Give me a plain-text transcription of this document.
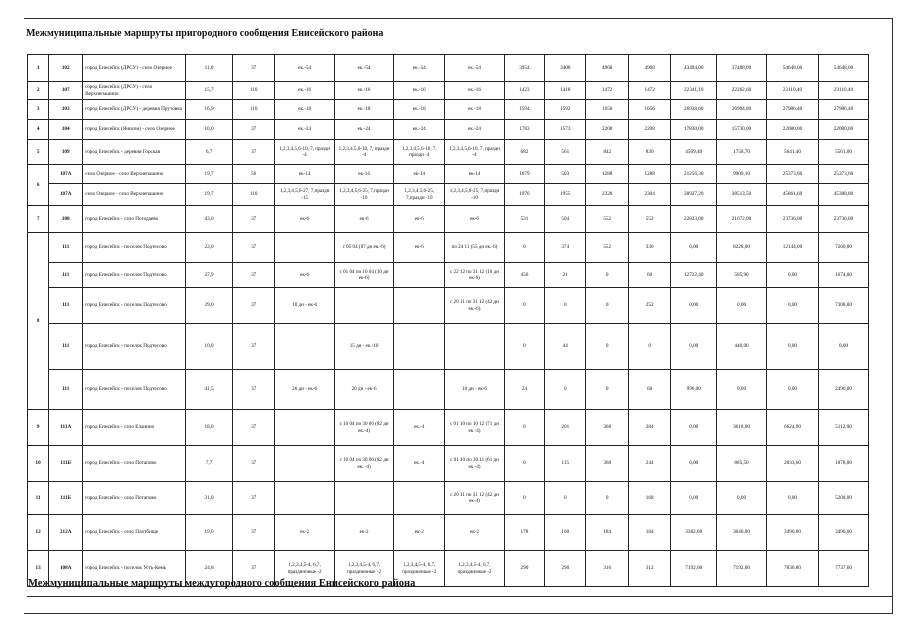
Межмуниципальные маршруты пригородного сообщения Енисейского района
1	102	город Енисейск (ДРСУ) - село Озерное	11,0	37	ек.-54	ек.-54	ек.-54	ек.-54	3954	3408	4968	4968	43494,00	37488,00	54648,00	54648,00
2	107	город Енисейск (ДРСУ) - село Верхнепашино	15,7	110	ек.-16	ек.-16	ек.-16	ек.-16	1423	1418	1472	1472	22341,10	22262,60	23110,40	23110,40
3	103	город Енисейск (ДРСУ) - деревня Прутовка	16,9	110	ек.-18	ек.-18	ек.-18	ек.-18	1594	1592	1656	1656	26938,60	26904,80	27986,40	27986,40
4	104	город Енисейск (Янисеи) - село Озерное	10,0	37	ек.-24	ек.-24	ек.-24	ек.-24	1783	1573	2208	2208	17830,00	15730,00	22080,00	22080,00
5	109	город Енисейск - деревня Горская	6,7	37	1,2,3,4,5,6-10, 7, праздн -4	1,2,3,4,5,6-10, 7, праздн -4	1,2,3,4,5,6-10, 7, праздн -4	1,2,3,4,5,6-10, 7, праздн -4	682	561	842	830	4569,40	1758,70	5641,40	5561,00
6	107А	село Озерное - село Верхнепашино	19,7	56	ек-14	ек-14	ек-14	ек-14	1079	503	1288	1288	21256,30	9909,10	25373,60	25373,60
	107А	село Озерное - село Верхнепашино	19,7	110	1,2,3,4,5,6-27, 7,праздн -15	1,2,3,4,5,6-25, 7,праздн -10	1,2,3,4,5,6-25, 7,праздн -10	1,2,3,4,5,6-25, 7,праздн -10	1976	1955	2328	2304	38927,20	38513,50	45861,60	45388,80
7	108	город Енисейск - село Погодаево	43,0	37	ек-6	ек-6	ек-6	ек-6	531	504	552	552	22833,00	21672,00	23736,00	23736,00
8	111	город Енисейск - поселок Подтесово	22,0	37		с 05 04 (87 дн ек.-6)	ек-6	по 24 11 (55 дн ек.-6)	0	374	552	330	0,00	8228,00	12144,00	7260,00
	111	город Енисейск - поселок Подтесово	27,9	37	ек-6	с 01 04 по 10 04 (10 дн ек-6)		с 22 12 по 31 12 (10 дн ек-6)	456	21	0	60	12722,40	585,90	0,00	1674,00
	111	город Енисейск - поселок Подтесово	29,0	37	10 дн - ек-6			с 20 11 по 31 12 (42 дн ек.-6)	0	0	0	252	0,00	0,00	0,00	7308,00
	111	город Енисейск - поселок Подтесово	10,0	37		15 дн - ек.-10			0	44	0	0	0,00	440,00	0,00	0,00
	111	город Енисейск - поселок Подтесово	41,5	37	26 дн - ек-6	20 дн - ек-6		10 дн - ек-6	24	0	0	60	996,00	0,00	0,00	2490,00
9	111А	город Енисейск - село Еланино	18,0	37		с 10 04 по 30 06 (82 дн ек.-4)	ек.-4	с 01 10 по 10 12 (71 дн ек.-4)	0	201	368	284	0,00	3618,00	6624,00	5112,00
10	111Б	город Енисейск - село Потапово	7,7	37		с 10 04 по 30 06 (82 дн ек. -4)	ек.-4	с 01 10 по 30.11 (61 дн ек -4)	0	115	368	244	0,00	885,50	2833,60	1878,80
11	111Б	город Енисейск - село Потапово	31,0	37				с 20 11 по 31 12 (42 дн ек-4)	0	0	0	168	0,00	0,00	0,00	5208,00
12	212А	город Енисейск - село Плотбище	19,0	37	ек-2	ек-2	ек-2	ек-2	178	160	184	184	3382,00	3040,00	3496,00	3496,00
13	108А	город Енисейск - поселок Усть-Кемь	24,8	37	1,2,3,4,5-4, 6,7, праздничные -2	1,2,3,4,5-4, 6,7, праздничные -2	1,2,3,4,5-4, 6,7, праздничные -2	1,2,3,4,5-4, 6,7, праздничные -2	290	290	316	312	7192,00	7192,00	7836,80	7737,60
Межмуниципальные маршруты междугородного сообщения Енисейского района
